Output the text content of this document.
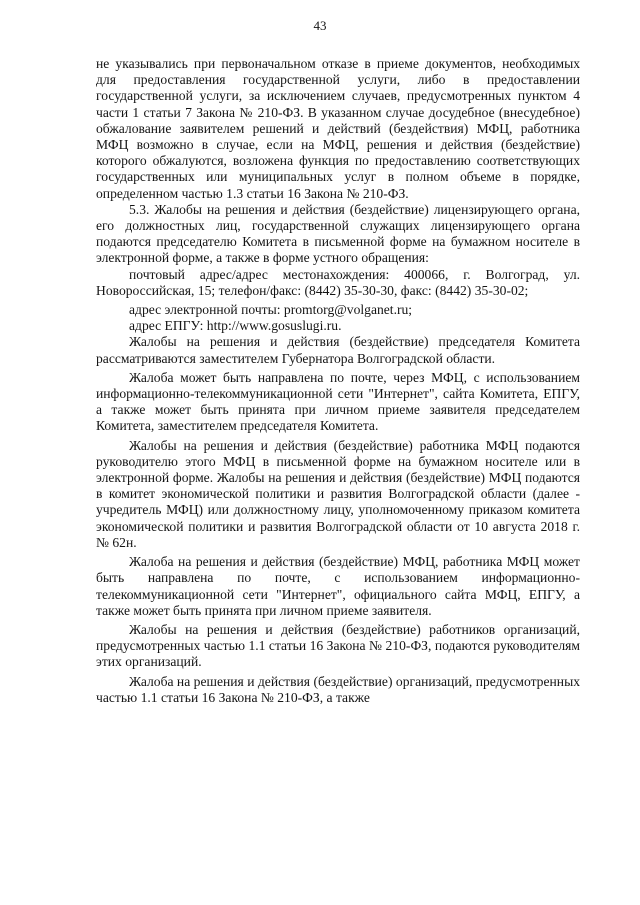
43

не указывались при первоначальном отказе в приеме документов, необходимых для предоставления государственной услуги, либо в предоставлении государственной услуги, за исключением случаев, предусмотренных пунктом 4 части 1 статьи 7 Закона № 210-ФЗ. В указанном случае досудебное (внесудебное) обжалование заявителем решений и действий (бездействия) МФЦ, работника МФЦ возможно в случае, если на МФЦ, решения и действия (бездействие) которого обжалуются, возложена функция по предоставлению соответствующих государственных или муниципальных услуг в полном объеме в порядке, определенном частью 1.3 статьи 16 Закона № 210-ФЗ.

5.3. Жалобы на решения и действия (бездействие) лицензирующего органа, его должностных лиц, государственной служащих лицензирующего органа подаются председателю Комитета в письменной форме на бумажном носителе в электронной форме, а также в форме устного обращения:

почтовый адрес/адрес местонахождения: 400066, г. Волгоград, ул. Новороссийская, 15; телефон/факс: (8442) 35-30-30, факс: (8442) 35-30-02;

адрес электронной почты: promtorg@volganet.ru;

адрес ЕПГУ: http://www.gosuslugi.ru.

Жалобы на решения и действия (бездействие) председателя Комитета рассматриваются заместителем Губернатора Волгоградской области.

Жалоба может быть направлена по почте, через МФЦ, с использованием информационно-телекоммуникационной сети "Интернет", сайта Комитета, ЕПГУ, а также может быть принята при личном приеме заявителя председателем Комитета, заместителем председателя Комитета.

Жалобы на решения и действия (бездействие) работника МФЦ подаются руководителю этого МФЦ в письменной форме на бумажном носителе или в электронной форме. Жалобы на решения и действия (бездействие) МФЦ подаются в комитет экономической политики и развития Волгоградской области (далее - учредитель МФЦ) или должностному лицу, уполномоченному приказом комитета экономической политики и развития Волгоградской области от 10 августа 2018 г. № 62н.

Жалоба на решения и действия (бездействие) МФЦ, работника МФЦ может быть направлена по почте, с использованием информационно-телекоммуникационной сети "Интернет", официального сайта МФЦ, ЕПГУ, а также может быть принята при личном приеме заявителя.

Жалобы на решения и действия (бездействие) работников организаций, предусмотренных частью 1.1 статьи 16 Закона № 210-ФЗ, подаются руководителям этих организаций.

Жалоба на решения и действия (бездействие) организаций, предусмотренных частью 1.1 статьи 16 Закона № 210-ФЗ, а также
